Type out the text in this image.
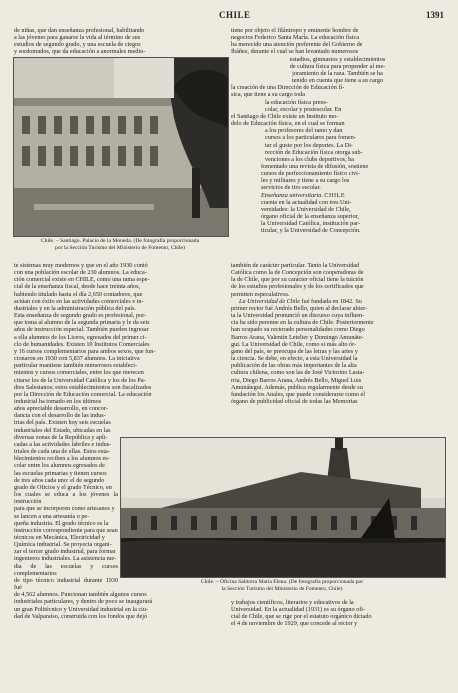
CHILE	1391

de niñas, que dan enseñanza profesional, habilitando

a las jóvenes para ganarse la vida al término de sus

estudios de segundo grado, y una escuela de ciegos

y sordomudos, que da educación a anormales medio-

Chile. – Santiago. Palacio de la Moneda. (De fotografía proporcionada
por la Sección Turismo del Ministerio de Fomento, Chile)

tiene por objeto el filántropo y eminente hombre de

negocios Federico Santa María. La educación física

ha merecido una atención preferente del Gobierno de

Ibáñez, durante el cual se han levantado numerosos

estadios, gimnasios y establecimientos

de cultura física para propender al me-

joramiento de la raza. También se ha

tenido en cuenta que tiene a su cargo

la creación de una Dirección de Educación fí-

sica, que tiene a su cargo toda

la educación física prees-

colar, escolar y postescolar. En

el Santiago de Chile existe un Instituto mo-

delo de Educación física, en el cual se forman

a los profesores del ramo y dan

cursos a los particulares para fomen-

tar el gusto por los deportes. La Di-

rección de Educación física otorga sub-

venciones a los clubs deportivos, ha

fomentado una revista de difusión, sostiene

cursos de perfeccionamiento físico civi-

les y militares y tiene a su cargo los

servicios de tiro escolar.

Enseñanza universitaria. CHILE

cuenta en la actualidad con tres Uni-

versidades: la Universidad de Chile,

órgano oficial de la enseñanza superior,

la Universidad Católica, institución par-

ticular, y la Universidad de Concepción.

te sistemas muy modernos y que en el año 1930 contó

con una población escolar de 230 alumnos. La educa-

ción comercial existe en CHILE, como una rama espe-

cial de la enseñanza fiscal, desde hace treinta años,

habiendo titulado hasta el día 2,650 contadores, que

actúan con éxito en las actividades comerciales e in-

dustriales y en la administración pública del país.

Esta enseñanza de segundo grado es profesional, por-

que toma al alumno de la segunda primaria y le da seis

años de instrucción especial. También pueden ingresar

a ella alumnos de los Liceos, egresados del primer ci-

clo de humanidades. Existen 10 Institutos Comerciales

y 16 cursos complementarios para ambos sexos, que fun-

cionaron en 1930 con 5,837 alumnos. La iniciativa

particular mantiene también numerosos estableci-

mientos y cursos comerciales, entre los que merecen

citarse los de la Universidad Católica y los de los Pa-

dres Salesianos; estos establecimientos son fiscalizados

por la Dirección de Educación comercial. La educación

también de carácter particular. Tanto la Universidad

Católica como la de Concepción son cooperadoras de

la de Chile, que por su carácter oficial tiene la tuición

de los estudios profesionales y de los certificados que

permiten especulativos.

La Universidad de Chile fué fundada en 1842. Su

primer rector fué Andrés Bello, quien al declarar abier-

ta la Universidad pronunció un discurso cuya influen-

cia ha sido perenne en la cultura de Chile. Posteriormente

han ocupado su rectorado personalidades como Diego

Barros Arana, Valentín Letelier y Domingo Amunáte-

gui. La Universidad de Chile, como si más alto ór-

gano del país, se preocupa de las letras y las artes y

la ciencia. Se debe, en efecto, a esta Universidad la

publicación de las obras más importantes de la alta

cultura chilena, como son las de José Victorino Lasta-

rria, Diego Barros Arana, Andrés Bello, Miguel Luis

Amunátegui. Además, publica regularmente desde su

fundación los Anales, que puede considerarse como el

órgano de publicidad oficial de todas las Memorias

industrial ha tomado en los últimos

años apreciable desarrollo, en concor-

dancia con el desarrollo de las indus-

trias del país. Existen hoy seis escuelas

industriales del Estado, ubicadas en las

diversas zonas de la República y apli-

cadas a las actividades fabriles e indus-

triales de cada una de ellas. Estos esta-

blecimientos reciben a los alumnos es-

colar entre los alumnos egresados de

las escuelas primarias y tienen cursos

de tres años cada uno: el de segundo

grado de Oficios y el grado Técnico, en

los cuales se educa a los jóvenes la instrucción

para que se incorporen como artesanos y

se lancen a una artesanía o pe-

queña industria. El grado técnico es la

instrucción correspondiente para que sean

técnicos en Mecánica, Electricidad y

Química industrial. Se proyecta organi-

zar el tercer grado industrial, para formar

ingenieros industriales. La asistencia me-

dia de las escuelas y cursos complementarios

de tipo técnico industrial durante 1930 fué

de 4,562 alumnos. Funcionan también algunos cursos

industriales particulares, y dentro de poco se inaugurará

un gran Politécnico y Universidad industrial en la ciu-

dad de Valparaíso, construida con los fondos que dejó

Chile. – Oficina Salitrera María Elena. (De fotografía proporcionada por
la Sección Turismo del Ministerio de Fomento, Chile)

y trabajos científicos, literarios y educativos de la

Universidad. En la actualidad (1931) es su órgano ofi-

cial de Chile, que se rige por el estatuto orgánico dictado

el 4 de noviembre de 1929, que concede al rector y
